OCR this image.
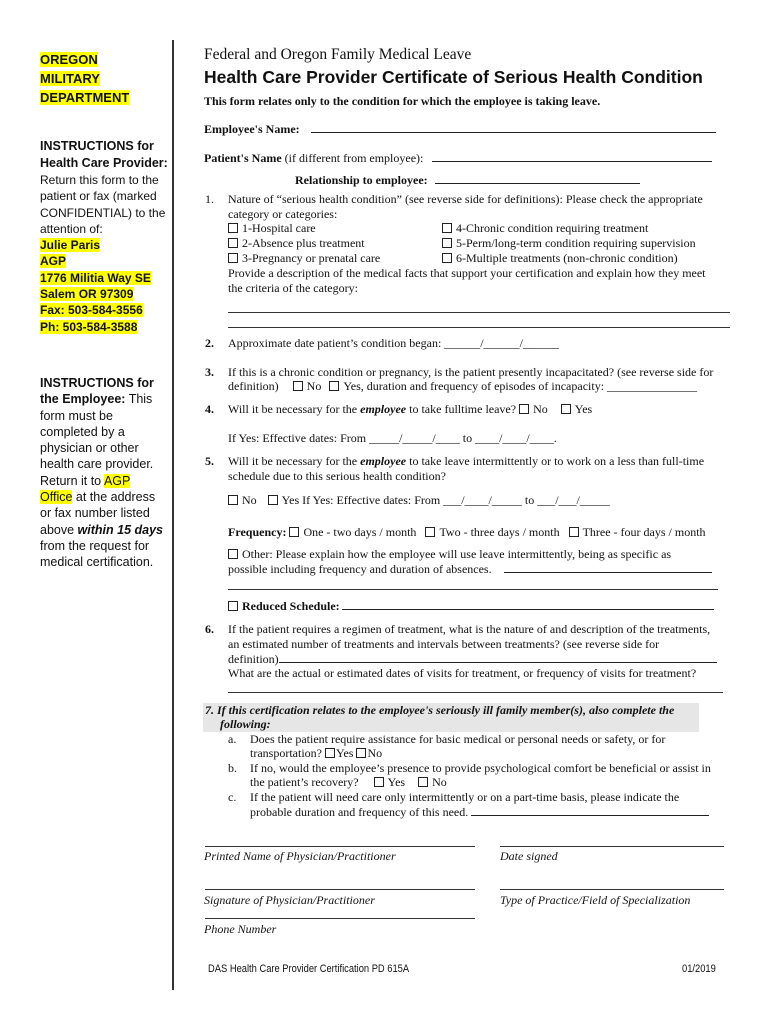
OREGON
MILITARY
DEPARTMENT
INSTRUCTIONS for Health Care Provider:
Return this form to the patient or fax (marked CONFIDENTIAL) to the attention of:
Julie Paris
AGP
1776 Militia Way SE
Salem OR 97309
Fax: 503-584-3556
Ph: 503-584-3588
INSTRUCTIONS for the Employee: This form must be completed by a physician or other health care provider. Return it to AGP Office at the address or fax number listed above within 15 days from the request for medical certification.
Federal and Oregon Family Medical Leave
Health Care Provider Certificate of Serious Health Condition
This form relates only to the condition for which the employee is taking leave.
Employee's Name:
Patient's Name (if different from employee):
Relationship to employee:
1. Nature of “serious health condition” (see reverse side for definitions): Please check the appropriate
category or categories:
1-Hospital care
2-Absence plus treatment
3-Pregnancy or prenatal care
4-Chronic condition requiring treatment
5-Perm/long-term condition requiring supervision
6-Multiple treatments (non-chronic condition)
Provide a description of the medical facts that support your certification and explain how they meet
the criteria of the category:
2. Approximate date patient’s condition began: ______/______/______
3. If this is a chronic condition or pregnancy, is the patient presently incapacitated? (see reverse side for
definition) No Yes, duration and frequency of episodes of incapacity: _______________
4. Will it be necessary for the employee to take fulltime leave? No Yes
If Yes: Effective dates: From _____/_____/____ to ____/____/____.
5. Will it be necessary for the employee to take leave intermittently or to work on a less than full-time
schedule due to this serious health condition?
No Yes If Yes: Effective dates: From ___/____/_____ to ___/___/_____
Frequency: One - two days / month Two - three days / month Three - four days / month
Other: Please explain how the employee will use leave intermittently, being as specific as
possible including frequency and duration of absences.
Reduced Schedule:
6. If the patient requires a regimen of treatment, what is the nature of and description of the treatments,
an estimated number of treatments and intervals between treatments? (see reverse side for
definition)
What are the actual or estimated dates of visits for treatment, or frequency of visits for treatment?
7. If this certification relates to the employee's seriously ill family member(s), also complete the
following:
a. Does the patient require assistance for basic medical or personal needs or safety, or for
transportation? Yes No
b. If no, would the employee’s presence to provide psychological comfort be beneficial or assist in
the patient’s recovery? Yes No
c. If the patient will need care only intermittently or on a part-time basis, please indicate the
probable duration and frequency of this need.
Printed Name of Physician/Practitioner	Date signed
Signature of Physician/Practitioner	Type of Practice/Field of Specialization
Phone Number
DAS Health Care Provider Certification PD 615A	01/2019
